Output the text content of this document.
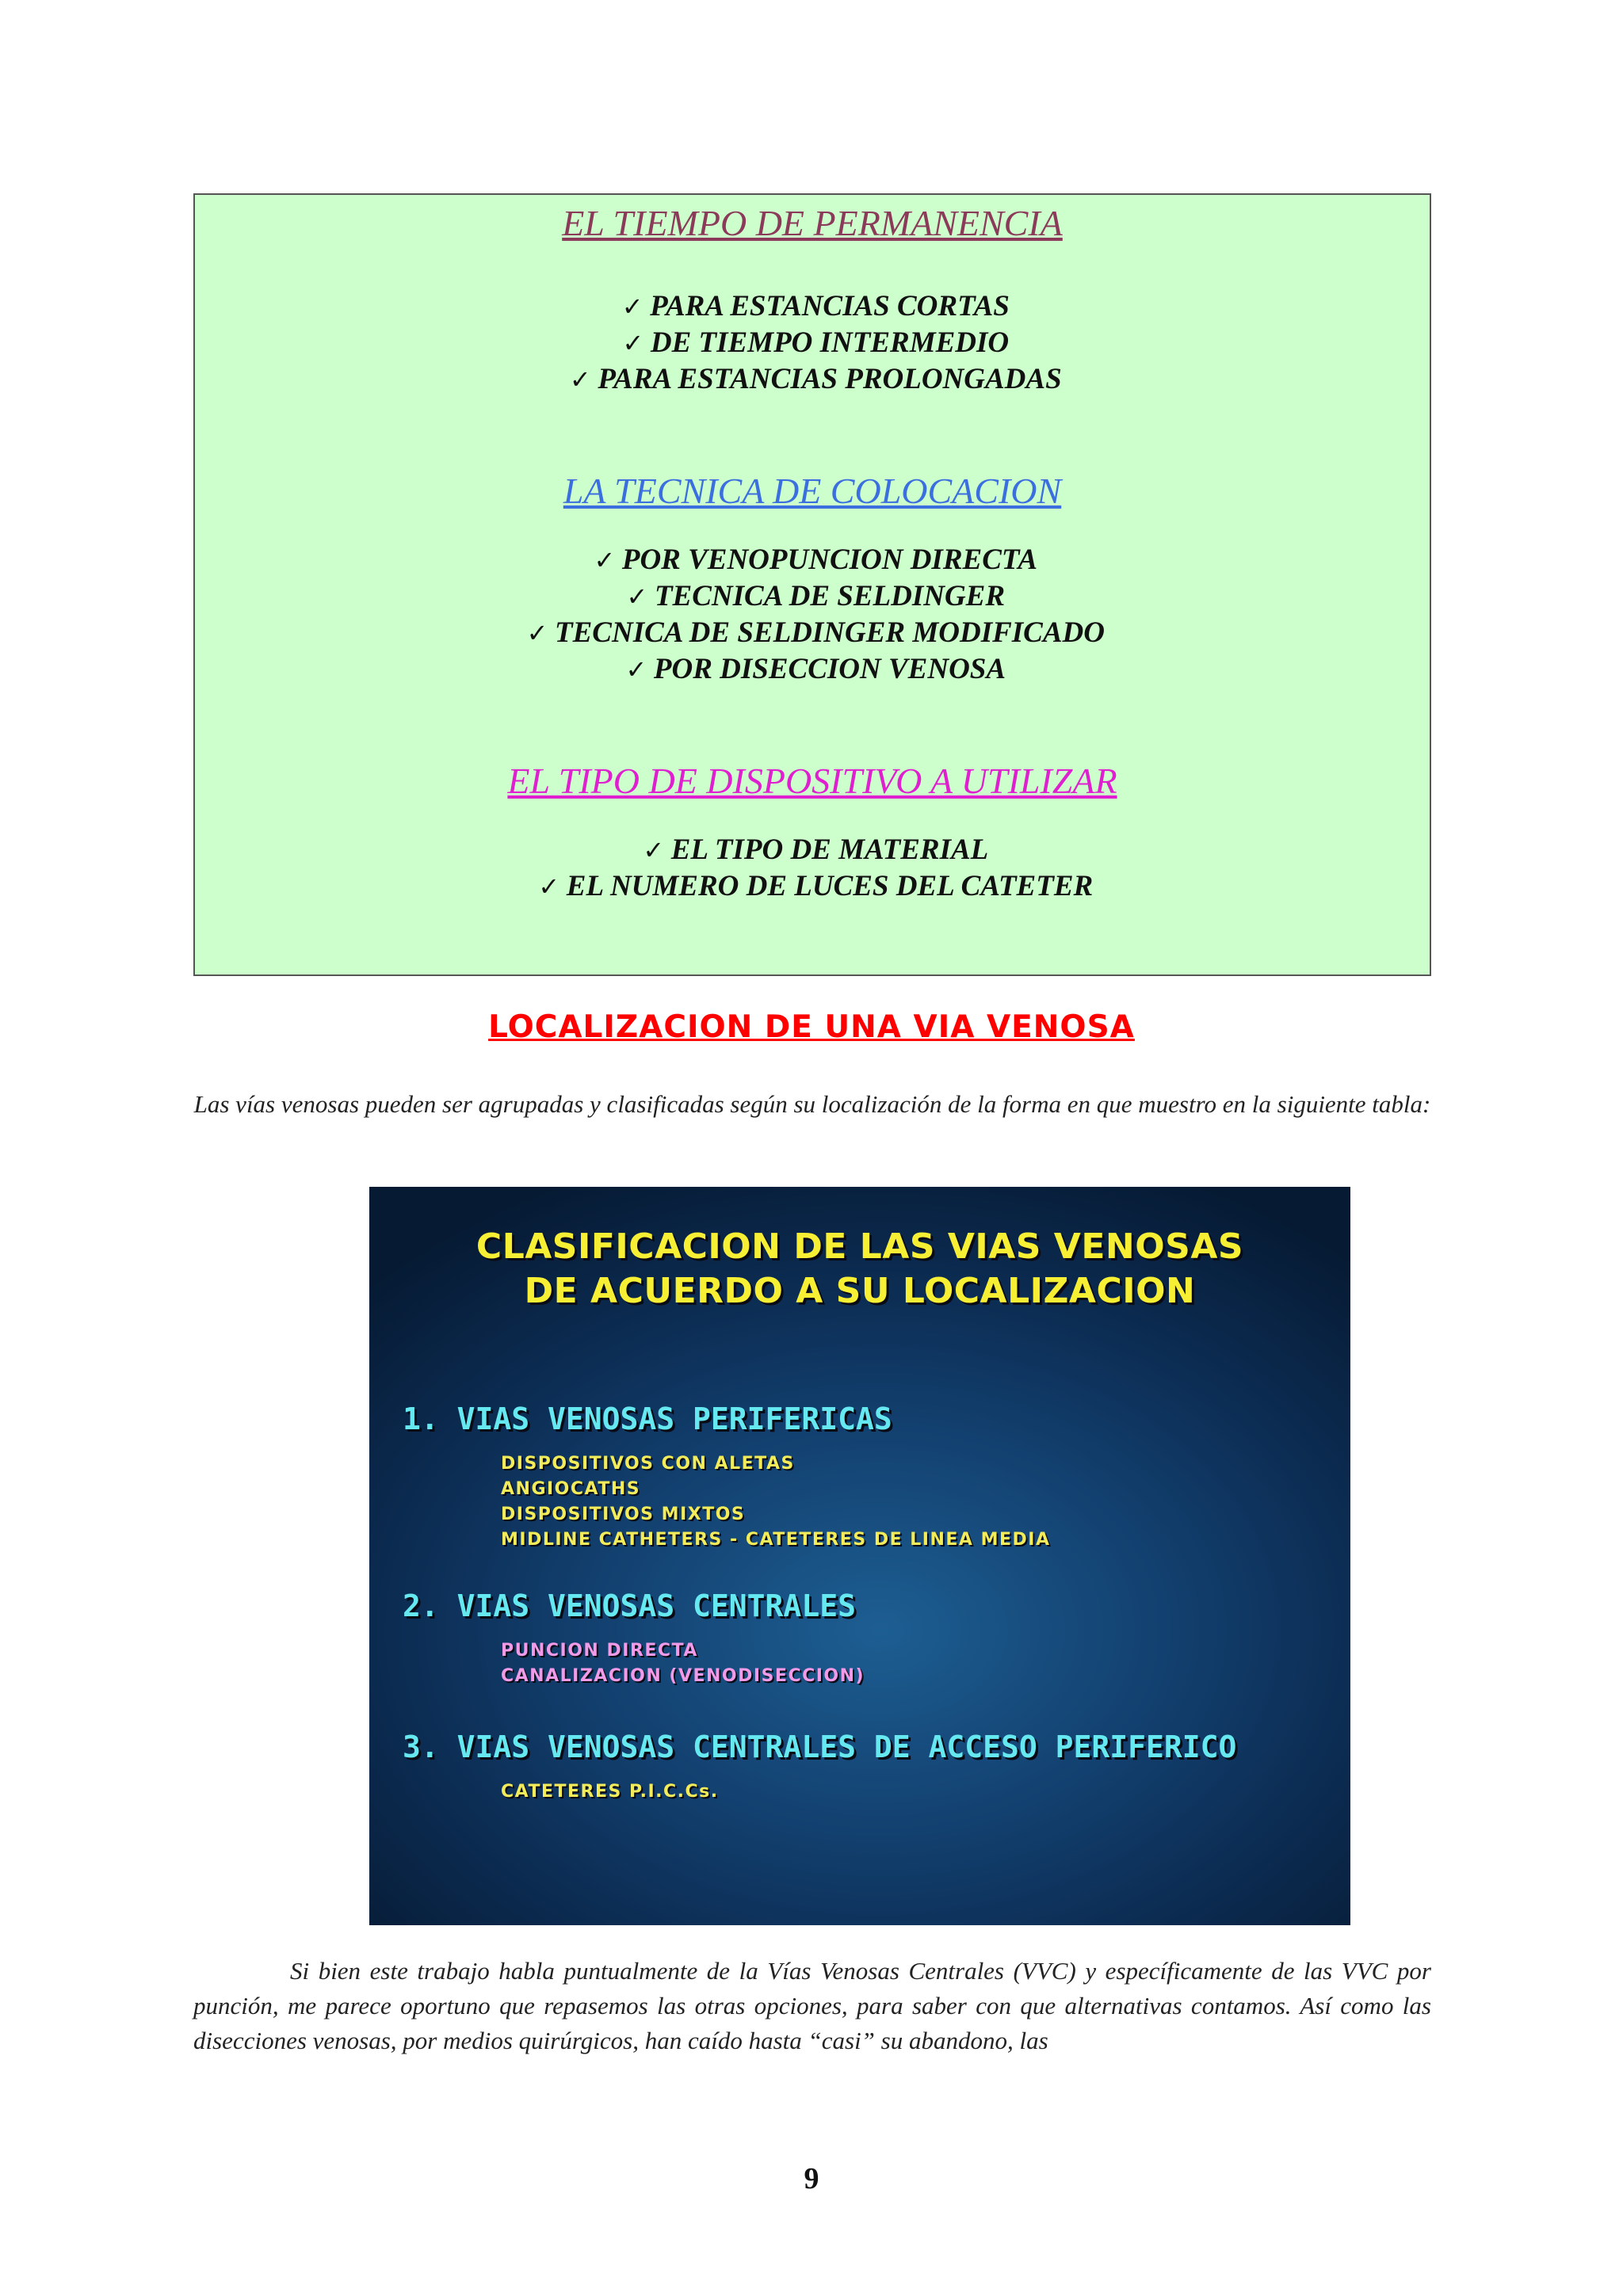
EL TIEMPO DE PERMANENCIA
✓ PARA ESTANCIAS CORTAS
✓ DE TIEMPO INTERMEDIO
✓ PARA ESTANCIAS PROLONGADAS
LA TECNICA DE COLOCACION
✓ POR VENOPUNCION DIRECTA
✓ TECNICA DE SELDINGER
✓ TECNICA DE SELDINGER MODIFICADO
✓ POR DISECCION VENOSA
EL TIPO DE DISPOSITIVO A UTILIZAR
✓ EL TIPO DE MATERIAL
✓ EL NUMERO DE LUCES DEL CATETER
LOCALIZACION DE UNA VIA VENOSA
Las vías venosas pueden ser agrupadas y clasificadas según su localización de la forma en que muestro en la siguiente tabla:
CLASIFICACION DE LAS VIAS VENOSAS
DE ACUERDO A SU LOCALIZACION
1. VIAS VENOSAS PERIFERICAS
DISPOSITIVOS CON ALETAS
ANGIOCATHS
DISPOSITIVOS MIXTOS
MIDLINE CATHETERS - CATETERES DE LINEA MEDIA
2. VIAS VENOSAS CENTRALES
PUNCION DIRECTA
CANALIZACION (VENODISECCION)
3. VIAS VENOSAS CENTRALES DE ACCESO PERIFERICO
CATETERES P.I.C.Cs.
Si bien este trabajo habla puntualmente de la Vías Venosas Centrales (VVC) y específicamente de las VVC por punción, me parece oportuno que repasemos las otras opciones, para saber con que alternativas contamos. Así como las disecciones venosas, por medios quirúrgicos, han caído hasta “casi” su abandono, las
9
